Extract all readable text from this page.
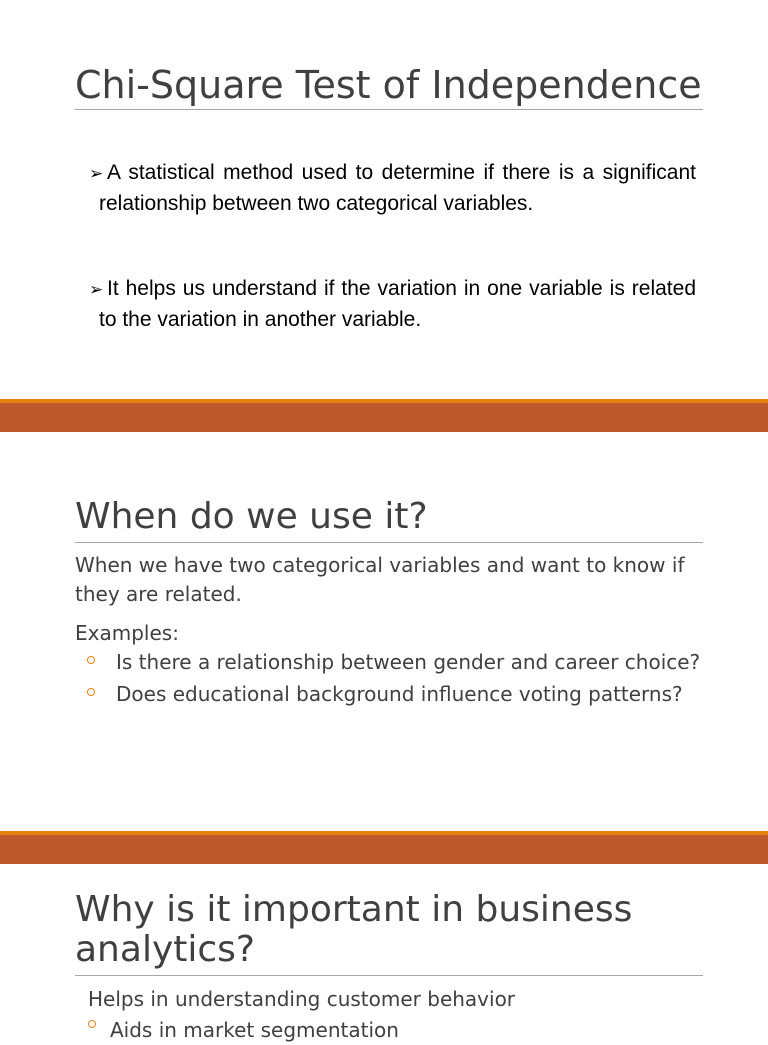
Chi-Square Test of Independence
➢ A statistical method used to determine if there is a significant relationship between two categorical variables.
➢ It helps us understand if the variation in one variable is related to the variation in another variable.
When do we use it?

When we have two categorical variables and want to know if they are related.

Examples:

Is there a relationship between gender and career choice?
Does educational background influence voting patterns?
Why is it important in business analytics?

Helps in understanding customer behavior

Aids in market segmentation
